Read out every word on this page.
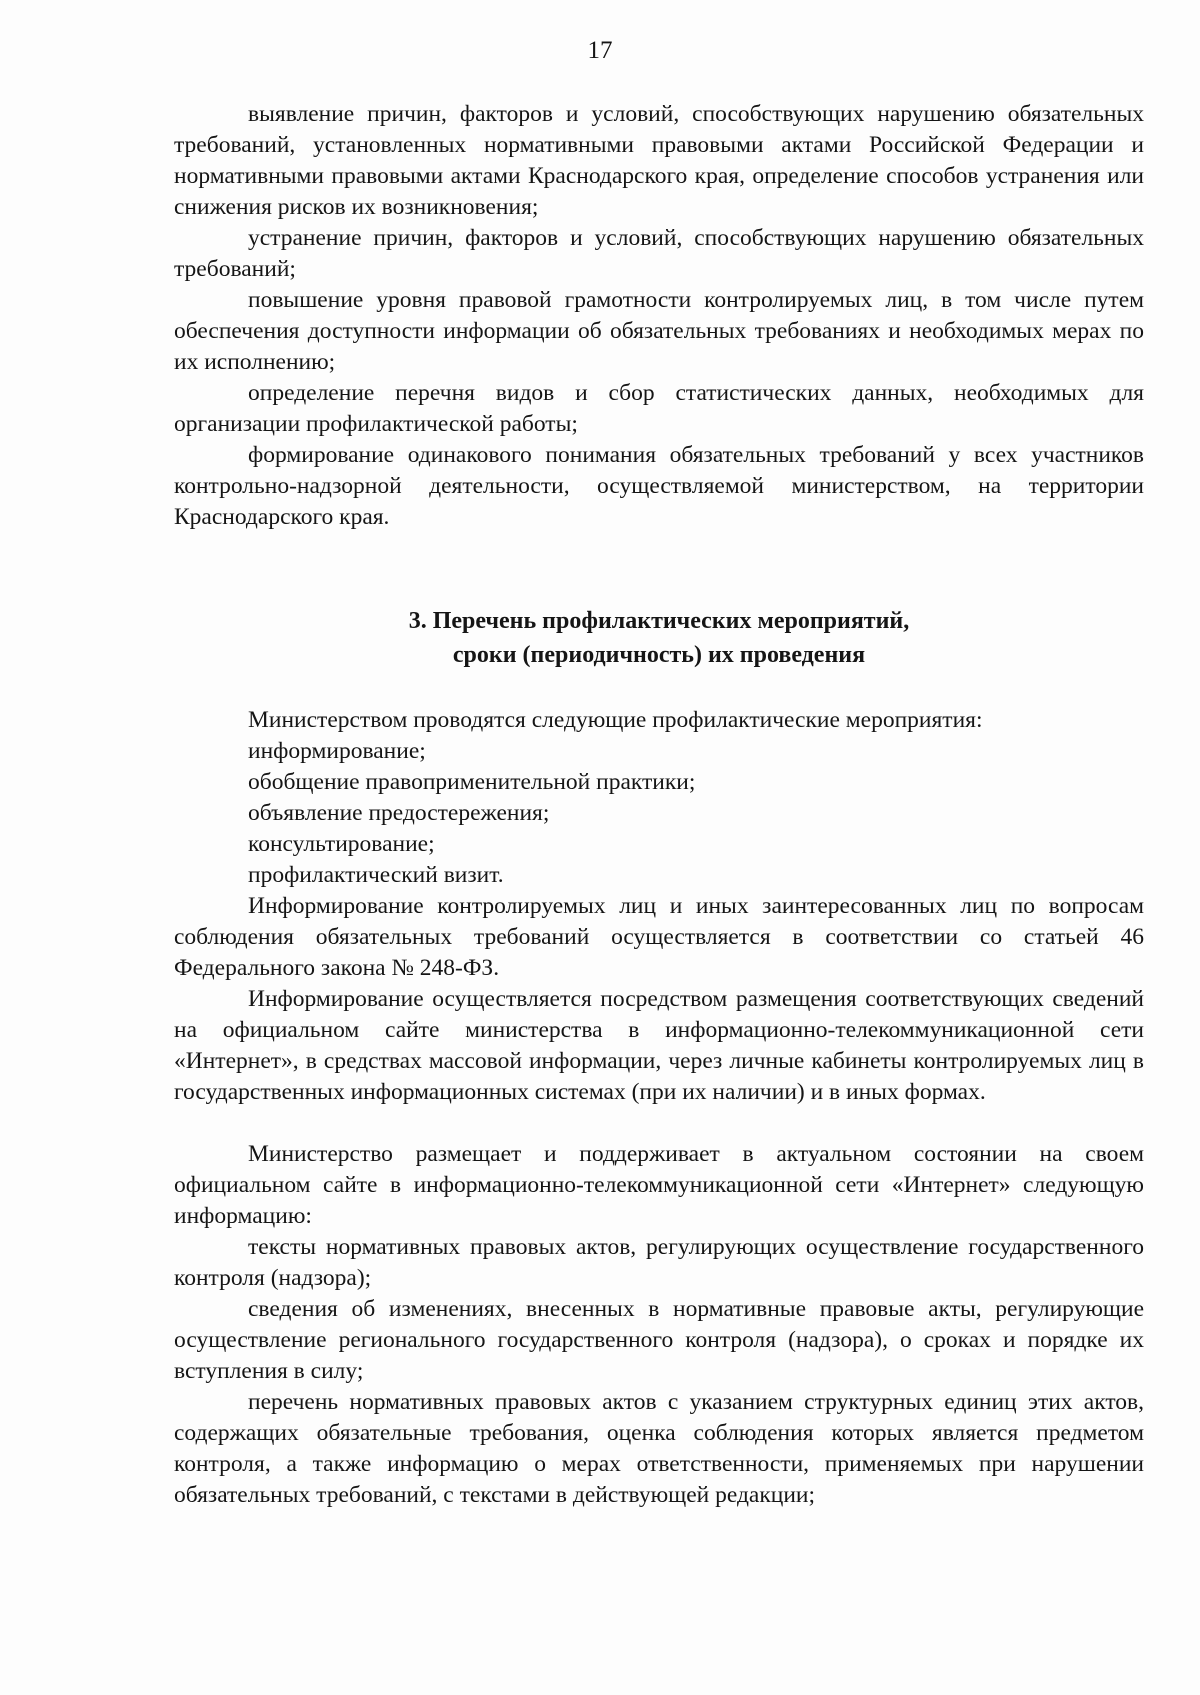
17

выявление причин, факторов и условий, способствующих нарушению обязательных требований, установленных нормативными правовыми актами Российской Федерации и нормативными правовыми актами Краснодарского края, определение способов устранения или снижения рисков их возникновения;

устранение причин, факторов и условий, способствующих нарушению обязательных требований;

повышение уровня правовой грамотности контролируемых лиц, в том числе путем обеспечения доступности информации об обязательных требованиях и необходимых мерах по их исполнению;

определение перечня видов и сбор статистических данных, необходимых для организации профилактической работы;

формирование одинакового понимания обязательных требований у всех участников контрольно-надзорной деятельности, осуществляемой министерством, на территории Краснодарского края.

3. Перечень профилактических мероприятий,
сроки (периодичность) их проведения

Министерством проводятся следующие профилактические мероприятия:

информирование;
обобщение правоприменительной практики;
объявление предостережения;
консультирование;
профилактический визит.

Информирование контролируемых лиц и иных заинтересованных лиц по вопросам соблюдения обязательных требований осуществляется в соответствии со статьей 46 Федерального закона № 248-ФЗ.

Информирование осуществляется посредством размещения соответствующих сведений на официальном сайте министерства в информационно-телекоммуникационной сети «Интернет», в средствах массовой информации, через личные кабинеты контролируемых лиц в государственных информационных системах (при их наличии) и в иных формах.

Министерство размещает и поддерживает в актуальном состоянии на своем официальном сайте в информационно-телекоммуникационной сети «Интернет» следующую информацию:

тексты нормативных правовых актов, регулирующих осуществление государственного контроля (надзора);

сведения об изменениях, внесенных в нормативные правовые акты, регулирующие осуществление регионального государственного контроля (надзора), о сроках и порядке их вступления в силу;

перечень нормативных правовых актов с указанием структурных единиц этих актов, содержащих обязательные требования, оценка соблюдения которых является предметом контроля, а также информацию о мерах ответственности, применяемых при нарушении обязательных требований, с текстами в действующей редакции;
